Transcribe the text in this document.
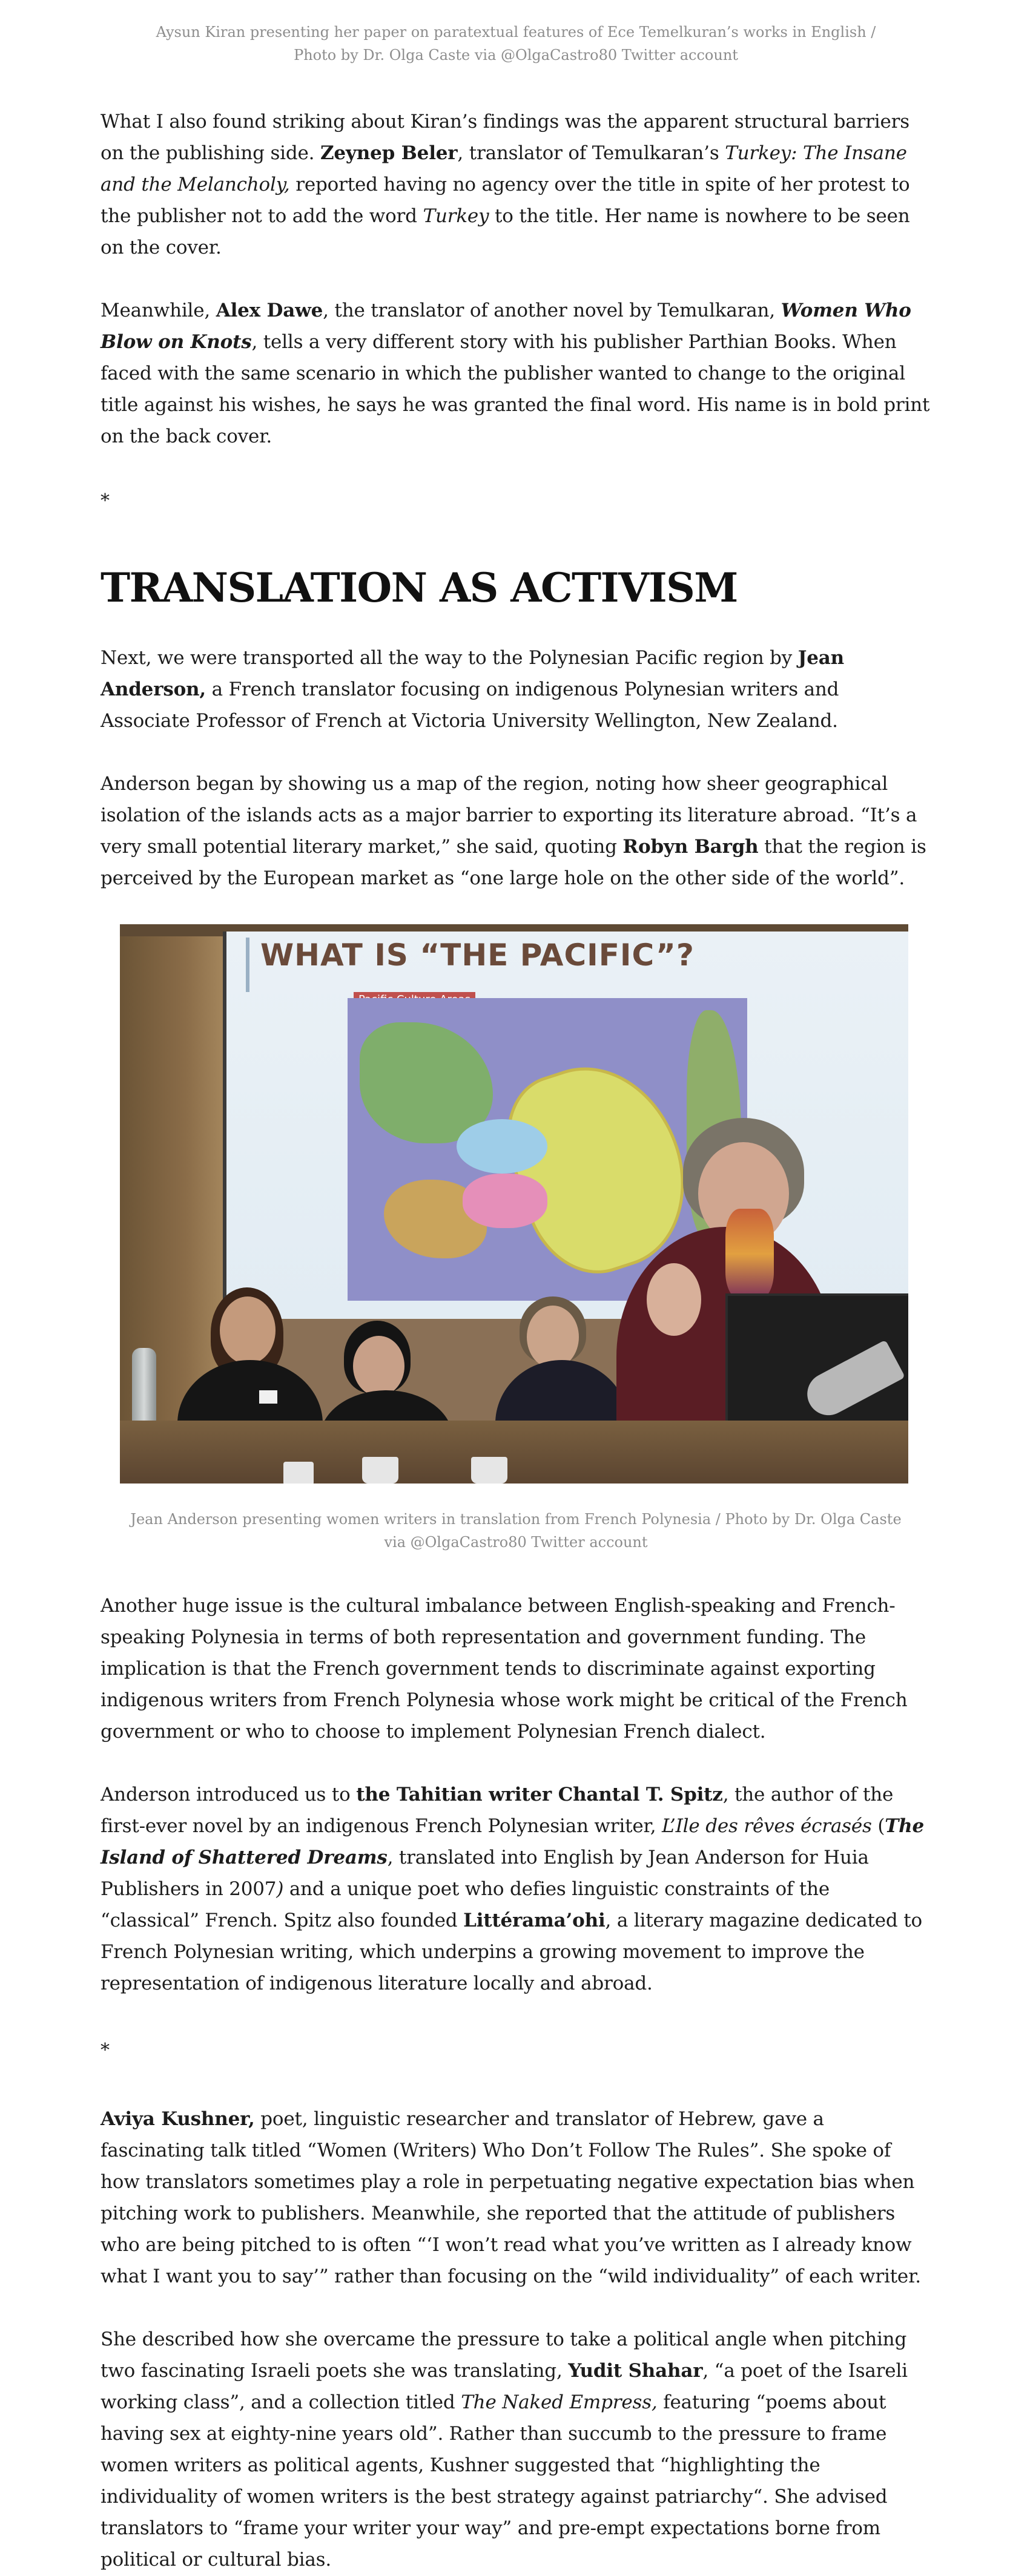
Aysun Kiran presenting her paper on paratextual features of Ece Temelkuran’s works in English /
Photo by Dr. Olga Caste via @OlgaCastro80 Twitter account

What I also found striking about Kiran’s findings was the apparent structural barriers on the publishing side. Zeynep Beler, translator of Temulkaran’s Turkey: The Insane and the Melancholy, reported having no agency over the title in spite of her protest to the publisher not to add the word Turkey to the title. Her name is nowhere to be seen on the cover.

Meanwhile, Alex Dawe, the translator of another novel by Temulkaran, Women Who Blow on Knots, tells a very different story with his publisher Parthian Books. When faced with the same scenario in which the publisher wanted to change to the original title against his wishes, he says he was granted the final word. His name is in bold print on the back cover.

*

TRANSLATION AS ACTIVISM

Next, we were transported all the way to the Polynesian Pacific region by Jean Anderson, a French translator focusing on indigenous Polynesian writers and Associate Professor of French at Victoria University Wellington, New Zealand.

Anderson began by showing us a map of the region, noting how sheer geographical isolation of the islands acts as a major barrier to exporting its literature abroad. “It’s a very small potential literary market,” she said, quoting Robyn Bargh that the region is perceived by the European market as “one large hole on the other side of the world”.

WHAT IS “THE PACIFIC”?
Jean Anderson presenting women writers in translation from French Polynesia / Photo by Dr. Olga Caste
via @OlgaCastro80 Twitter account

Another huge issue is the cultural imbalance between English-speaking and French-speaking Polynesia in terms of both representation and government funding. The implication is that the French government tends to discriminate against exporting indigenous writers from French Polynesia whose work might be critical of the French government or who to choose to implement Polynesian French dialect.

Anderson introduced us to the Tahitian writer Chantal T. Spitz, the author of the first-ever novel by an indigenous French Polynesian writer, L’Ile des rêves écrasés (The Island of Shattered Dreams, translated into English by Jean Anderson for Huia Publishers in 2007) and a unique poet who defies linguistic constraints of the “classical” French. Spitz also founded Littérama’ohi, a literary magazine dedicated to French Polynesian writing, which underpins a growing movement to improve the representation of indigenous literature locally and abroad.

*

Aviya Kushner, poet, linguistic researcher and translator of Hebrew, gave a fascinating talk titled “Women (Writers) Who Don’t Follow The Rules”. She spoke of how translators sometimes play a role in perpetuating negative expectation bias when pitching work to publishers. Meanwhile, she reported that the attitude of publishers who are being pitched to is often “‘I won’t read what you’ve written as I already know what I want you to say’” rather than focusing on the “wild individuality” of each writer.

She described how she overcame the pressure to take a political angle when pitching two fascinating Israeli poets she was translating, Yudit Shahar, “a poet of the Isareli working class”, and a collection titled The Naked Empress, featuring “poems about having sex at eighty-nine years old”. Rather than succumb to the pressure to frame women writers as political agents, Kushner suggested that “highlighting the individuality of women writers is the best strategy against patriarchy“. She advised translators to “frame your writer your way” and pre-empt expectations borne from political or cultural bias.
